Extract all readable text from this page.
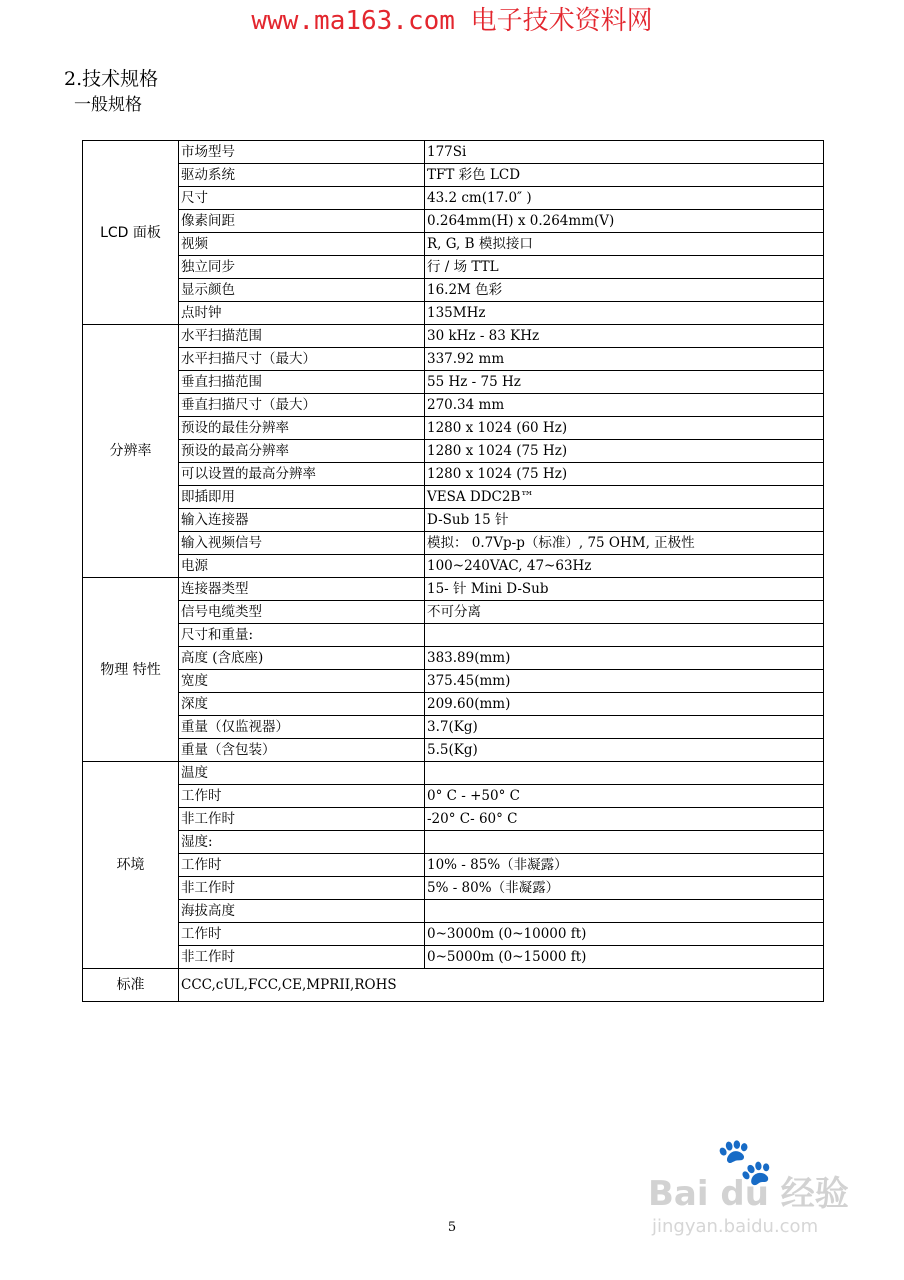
www.ma163.com 电子技术资料网
2.技术规格
一般规格
LCD 面板	市场型号	177Si
	驱动系统	TFT 彩色 LCD
	尺寸	43.2 cm(17.0″ )
	像素间距	0.264mm(H) x 0.264mm(V)
	视频	R, G, B 模拟接口
	独立同步	行 / 场 TTL
	显示颜色	16.2M 色彩
	点时钟	135MHz
分辨率	水平扫描范围	30 kHz - 83 KHz
	水平扫描尺寸（最大）	337.92 mm
	垂直扫描范围	55 Hz - 75 Hz
	垂直扫描尺寸（最大）	270.34 mm
	预设的最佳分辨率	1280 x 1024 (60 Hz)
	预设的最高分辨率	1280 x 1024 (75 Hz)
	可以设置的最高分辨率	1280 x 1024 (75 Hz)
	即插即用	VESA DDC2B™
	输入连接器	D-Sub 15 针
	输入视频信号	模拟： 0.7Vp-p（标准）, 75 OHM, 正极性
	电源	100~240VAC, 47~63Hz
物理 特性	连接器类型	15- 针 Mini D-Sub
	信号电缆类型	不可分离
	尺寸和重量:	
	高度 (含底座)	383.89(mm)
	宽度	375.45(mm)
	深度	209.60(mm)
	重量（仅监视器）	3.7(Kg)
	重量（含包装）	5.5(Kg)
环境	温度	
	工作时	0° C - +50° C
	非工作时	-20° C- 60° C
	湿度:	
	工作时	10% - 85%（非凝露）
	非工作时	5% - 80%（非凝露）
	海拔高度	
	工作时	0~3000m (0~10000 ft)
	非工作时	0~5000m (0~15000 ft)
标准	CCC,cUL,FCC,CE,MPRII,ROHS	
5
🐾
Bai du 经验
jingyan.baidu.com
